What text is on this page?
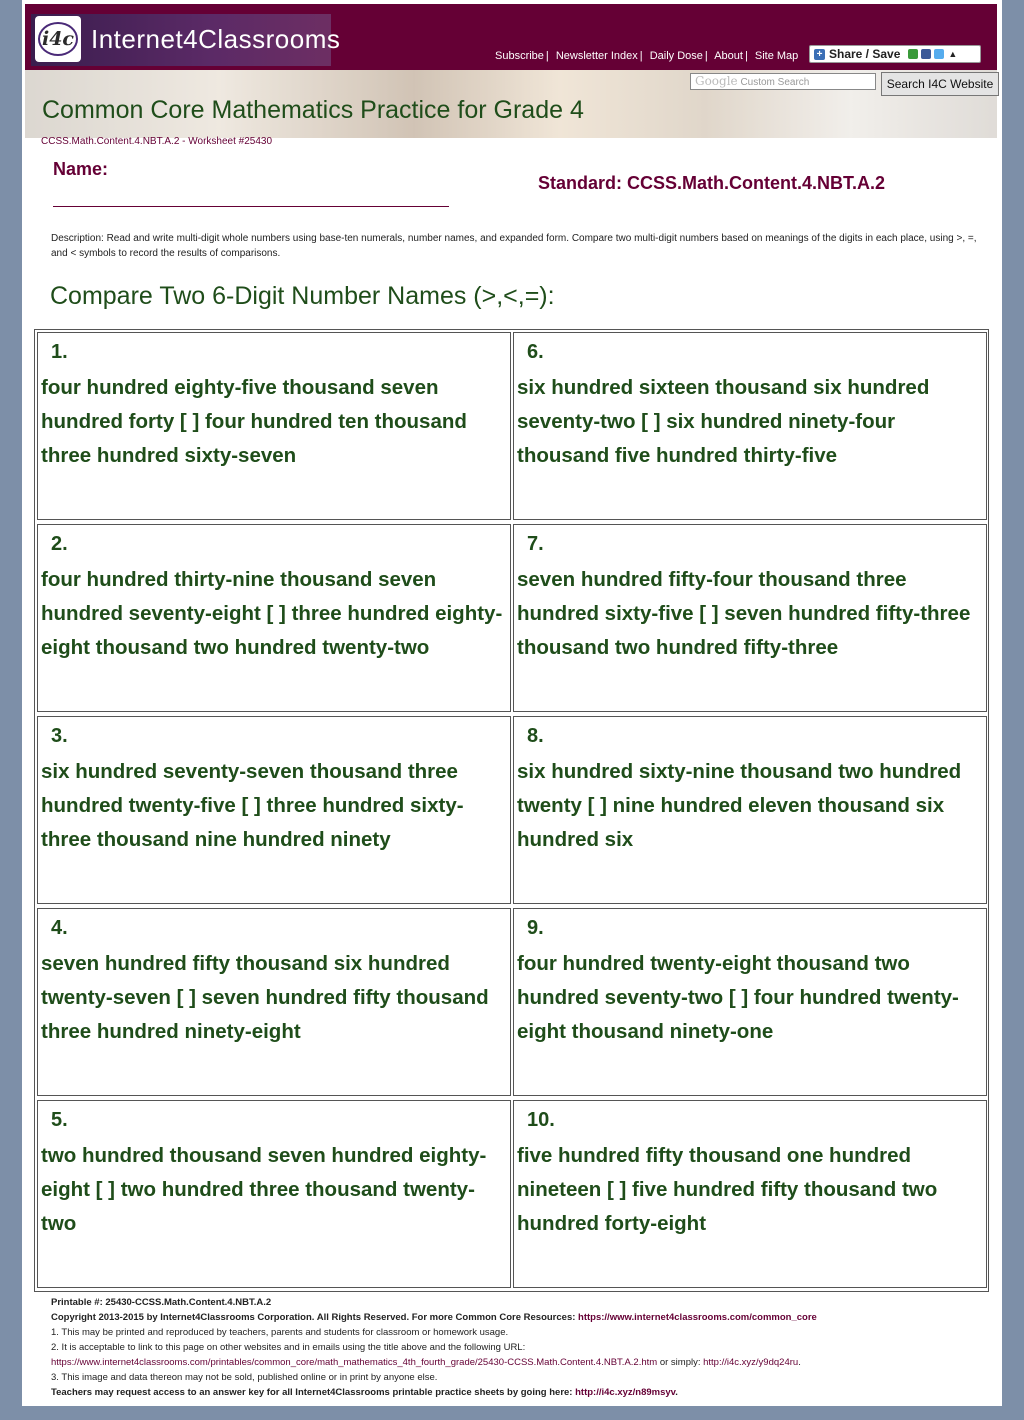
i4c Internet4Classrooms
Subscribe | Newsletter Index | Daily Dose | About | Site Map + Share / Save	▲
Google Custom Search	Search I4C Website
Common Core Mathematics Practice for Grade 4
CCSS.Math.Content.4.NBT.A.2 - Worksheet #25430
Name:
Standard: CCSS.Math.Content.4.NBT.A.2
Description: Read and write multi-digit whole numbers using base-ten numerals, number names, and expanded form. Compare two multi-digit numbers based on meanings of the digits in each place, using >, =, and < symbols to record the results of comparisons.
Compare Two 6-Digit Number Names (>,<,=):
1.
four hundred eighty-five thousand seven hundred forty [ ] four hundred ten thousand three hundred sixty-seven
2.
four hundred thirty-nine thousand seven hundred seventy-eight [ ] three hundred eighty-eight thousand two hundred twenty-two
3.
six hundred seventy-seven thousand three hundred twenty-five [ ] three hundred sixty-three thousand nine hundred ninety
4.
seven hundred fifty thousand six hundred twenty-seven [ ] seven hundred fifty thousand three hundred ninety-eight
5.
two hundred thousand seven hundred eighty-eight [ ] two hundred three thousand twenty-two
6.
six hundred sixteen thousand six hundred seventy-two [ ] six hundred ninety-four thousand five hundred thirty-five
7.
seven hundred fifty-four thousand three hundred sixty-five [ ] seven hundred fifty-three thousand two hundred fifty-three
8.
six hundred sixty-nine thousand two hundred twenty [ ] nine hundred eleven thousand six hundred six
9.
four hundred twenty-eight thousand two hundred seventy-two [ ] four hundred twenty-eight thousand ninety-one
10.
five hundred fifty thousand one hundred nineteen [ ] five hundred fifty thousand two hundred forty-eight
Printable #: 25430-CCSS.Math.Content.4.NBT.A.2
Copyright 2013-2015 by Internet4Classrooms Corporation. All Rights Reserved. For more Common Core Resources: https://www.internet4classrooms.com/common_core
1. This may be printed and reproduced by teachers, parents and students for classroom or homework usage.
2. It is acceptable to link to this page on other websites and in emails using the title above and the following URL:
https://www.internet4classrooms.com/printables/common_core/math_mathematics_4th_fourth_grade/25430-CCSS.Math.Content.4.NBT.A.2.htm or simply: http://i4c.xyz/y9dq24ru.
3. This image and data thereon may not be sold, published online or in print by anyone else.
Teachers may request access to an answer key for all Internet4Classrooms printable practice sheets by going here: http://i4c.xyz/n89msyv.
